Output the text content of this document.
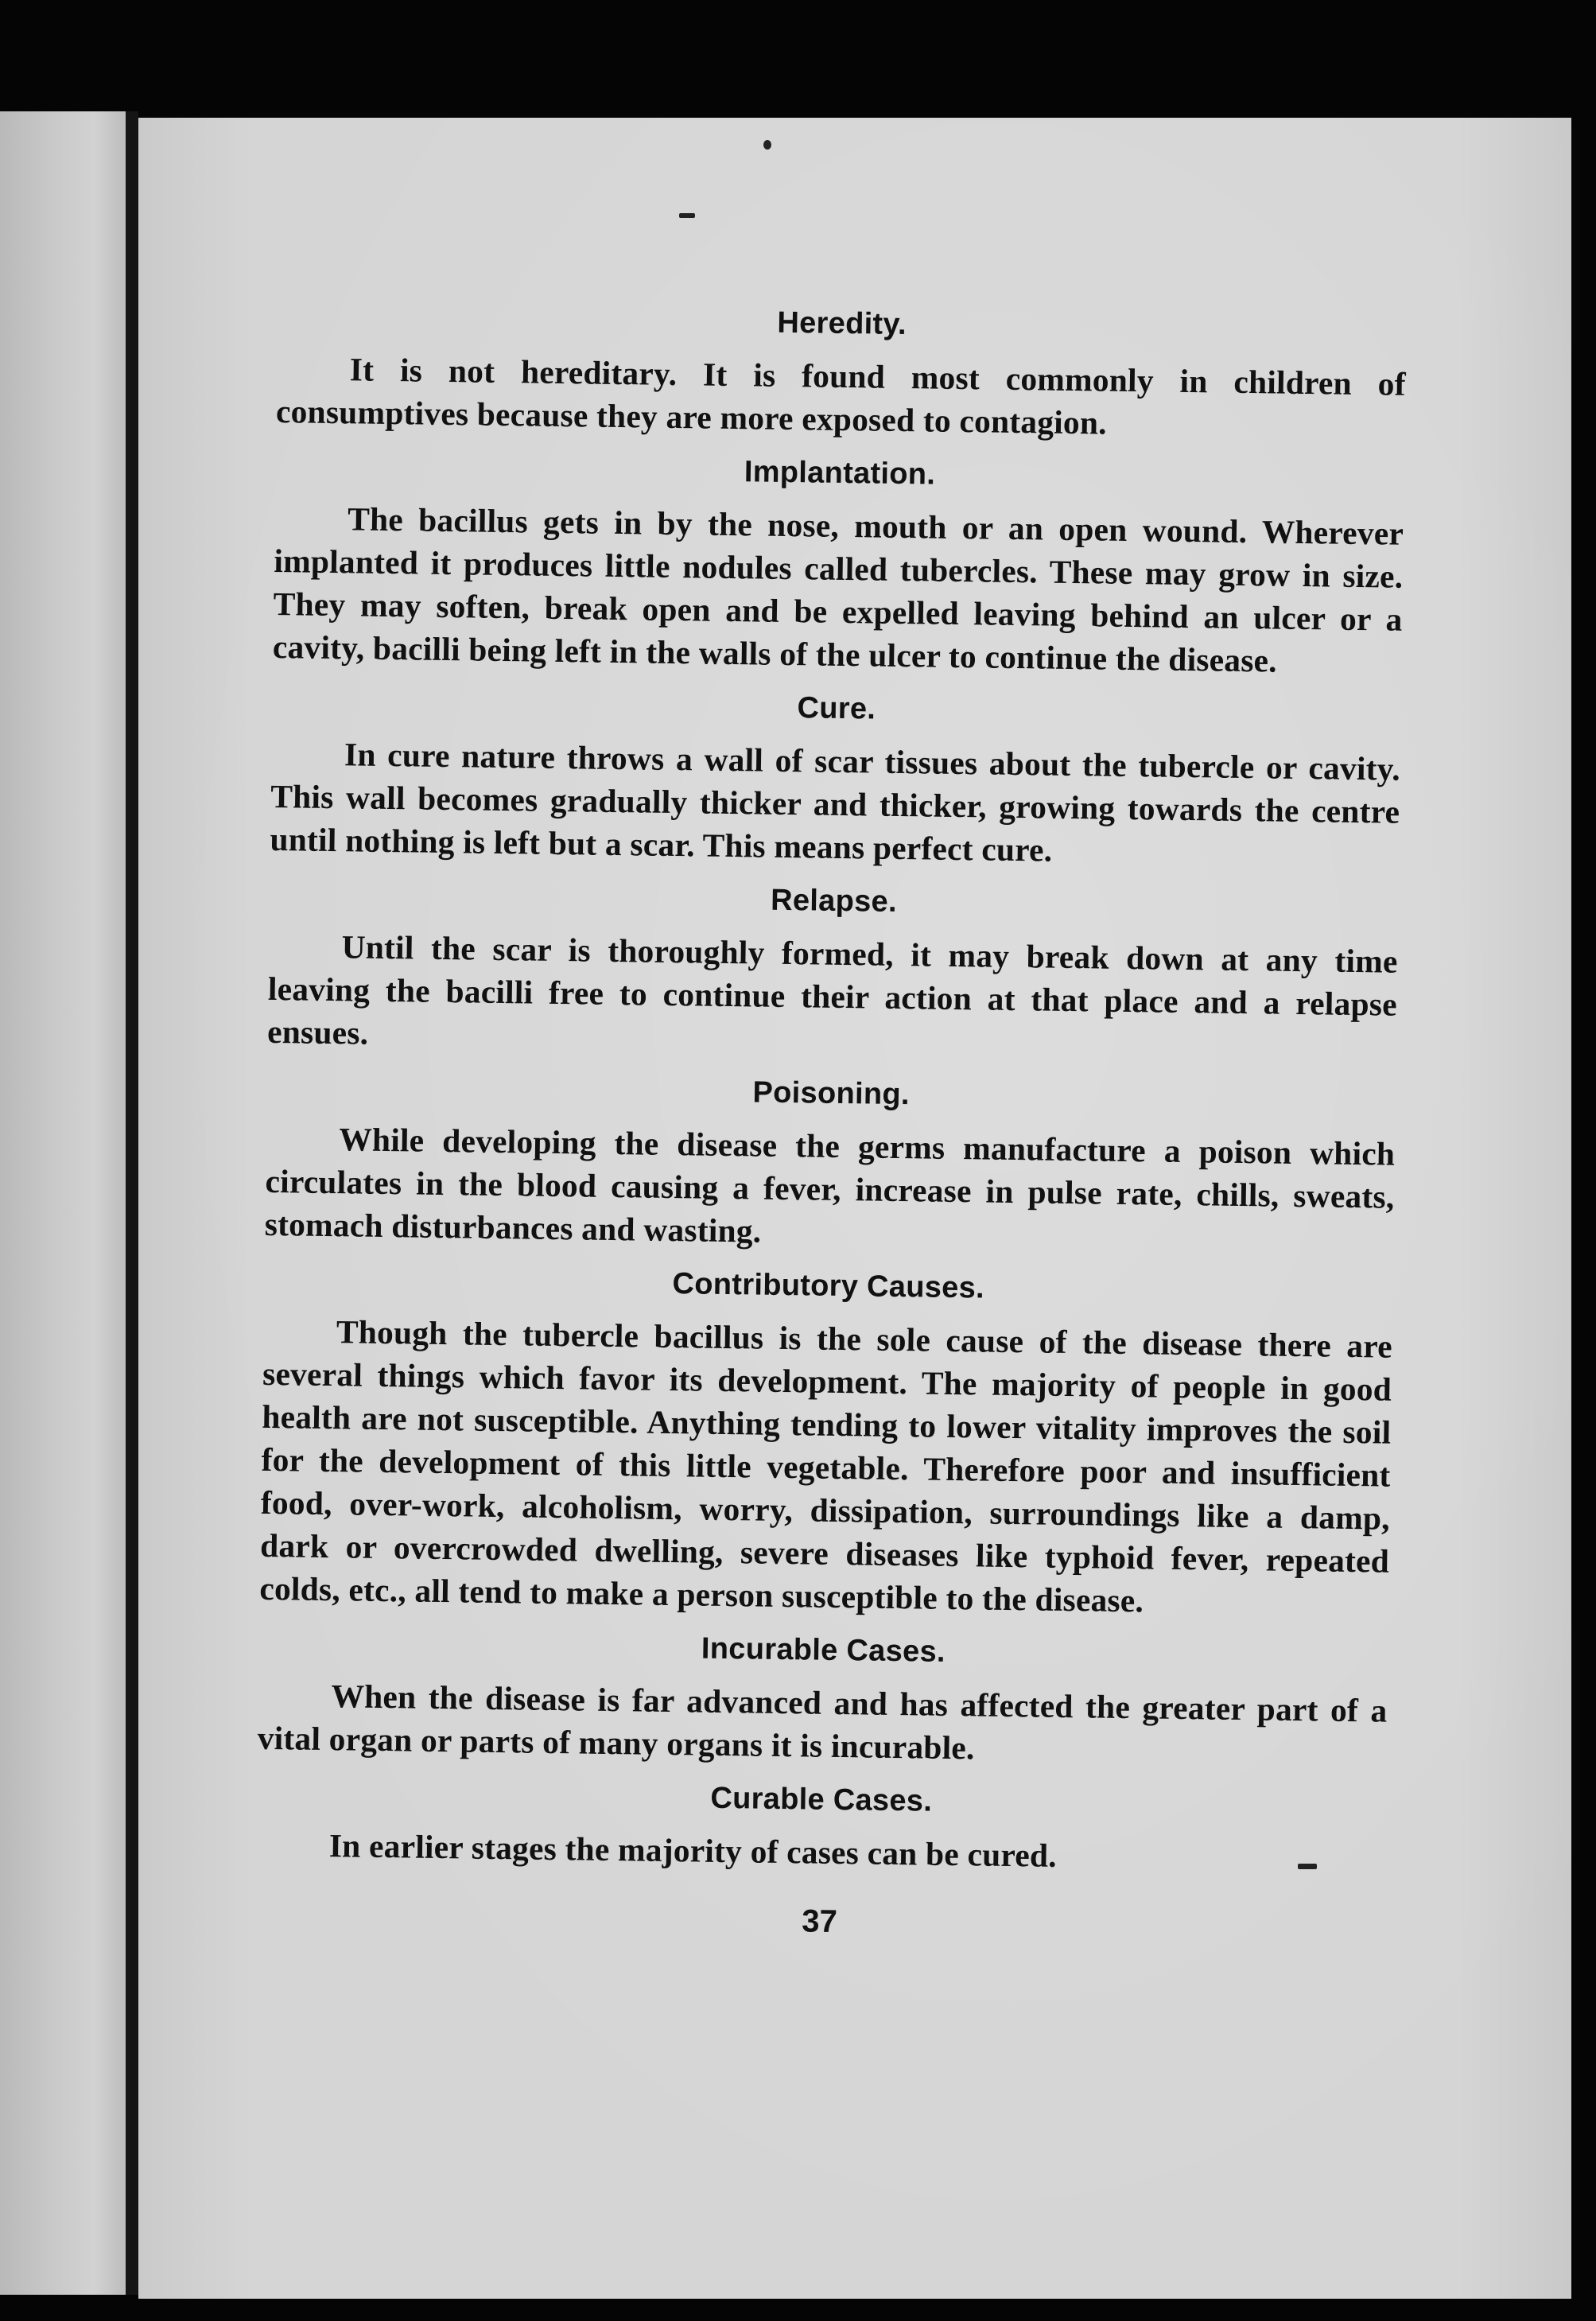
Heredity.

It is not hereditary. It is found most commonly in children of consumptives because they are more exposed to contagion.

Implantation.

The bacillus gets in by the nose, mouth or an open wound. Wherever implanted it produces little nodules called tubercles. These may grow in size. They may soften, break open and be expelled leaving behind an ulcer or a cavity, bacilli being left in the walls of the ulcer to continue the disease.

Cure.

In cure nature throws a wall of scar tissues about the tubercle or cavity. This wall becomes gradually thicker and thicker, growing towards the centre until nothing is left but a scar. This means perfect cure.

Relapse.

Until the scar is thoroughly formed, it may break down at any time leaving the bacilli free to continue their action at that place and a relapse ensues.

Poisoning.

While developing the disease the germs manufacture a poison which circulates in the blood causing a fever, increase in pulse rate, chills, sweats, stomach disturbances and wasting.

Contributory Causes.

Though the tubercle bacillus is the sole cause of the disease there are several things which favor its development. The majority of people in good health are not susceptible. Anything tending to lower vitality improves the soil for the development of this little vegetable. Therefore poor and insufficient food, over-work, alcoholism, worry, dissipation, surroundings like a damp, dark or overcrowded dwelling, severe diseases like typhoid fever, repeated colds, etc., all tend to make a person susceptible to the disease.

Incurable Cases.

When the disease is far advanced and has affected the greater part of a vital organ or parts of many organs it is incurable.

Curable Cases.

In earlier stages the majority of cases can be cured.

37
